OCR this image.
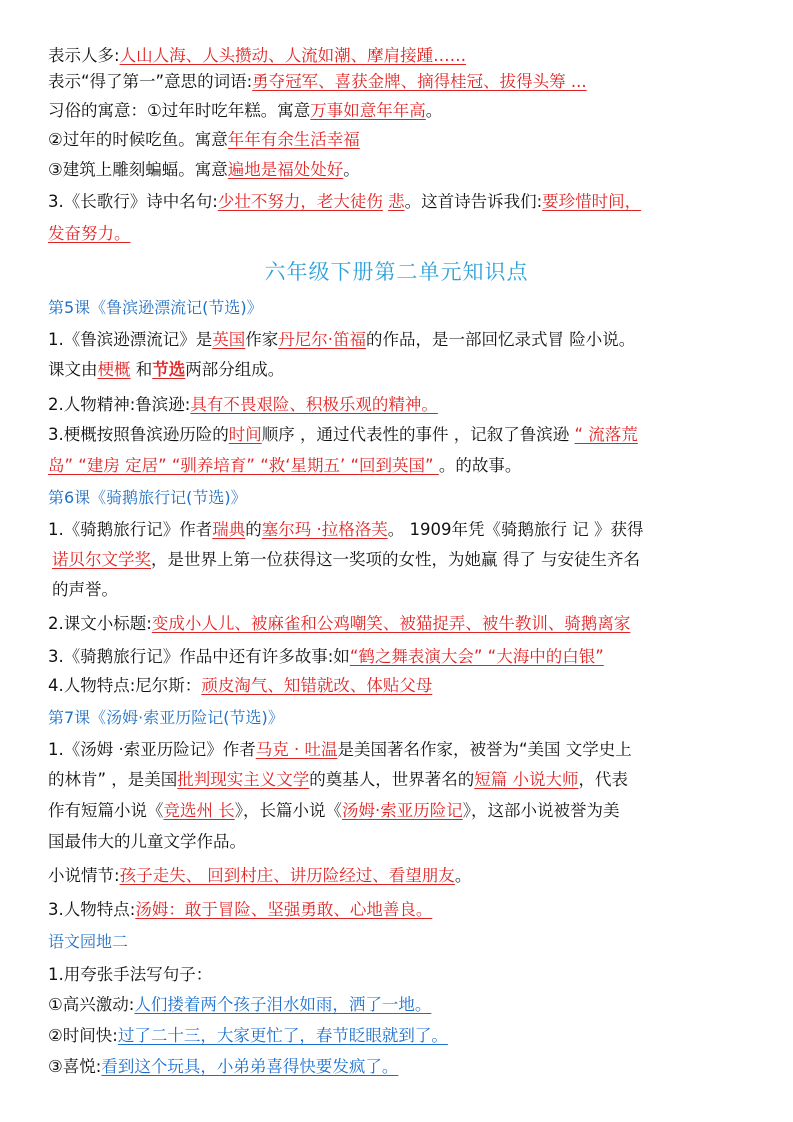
表示人多:人山人海、人头攒动、人流如潮、摩肩接踵……
表示“得了第一”意思的词语:勇夺冠军、喜获金牌、摘得桂冠、拔得头筹 ...
习俗的寓意：①过年时吃年糕。寓意万事如意年年高。
②过年的时候吃鱼。寓意年年有余生活幸福
③建筑上雕刻蝙蝠。寓意遍地是福处处好。
3.《长歌行》诗中名句:少壮不努力，老大徒伤 悲。这首诗告诉我们:要珍惜时间，
发奋努力。
六年级下册第二单元知识点
第5课《鲁滨逊漂流记(节选)》
1.《鲁滨逊漂流记》是英国作家丹尼尔·笛福的作品，是一部回忆录式冒 险小说。
课文由梗概 和节选两部分组成。
2.人物精神:鲁滨逊:具有不畏艰险、积极乐观的精神。
3.梗概按照鲁滨逊历险的时间顺序 ，通过代表性的事件 ，记叙了鲁滨逊 “ 流落荒
岛” “建房 定居” “驯养培育” “救‘星期五’ “回到英国” 。的故事。
第6课《骑鹅旅行记(节选)》
1.《骑鹅旅行记》作者瑞典的塞尔玛 ·拉格洛芙。 1909年凭《骑鹅旅行 记 》获得
诺贝尔文学奖，是世界上第一位获得这一奖项的女性，为她赢 得了 与安徒生齐名
的声誉。
2.课文小标题:变成小人儿、被麻雀和公鸡嘲笑、被猫捉弄、被牛教训、骑鹅离家
3.《骑鹅旅行记》作品中还有许多故事:如“鹤之舞表演大会” “大海中的白银”
4.人物特点:尼尔斯：顽皮淘气、知错就改、体贴父母
第7课《汤姆·索亚历险记(节选)》
1.《汤姆 ·索亚历险记》作者马克 · 吐温是美国著名作家，被誉为“美国 文学史上
的林肯” ，是美国批判现实主义文学的奠基人，世界著名的短篇 小说大师，代表
作有短篇小说《竞选州 长》，长篇小说《汤姆·索亚历险记》，这部小说被誉为美
国最伟大的儿童文学作品。
小说情节:孩子走失、 回到村庄、讲历险经过、看望朋友。
3.人物特点:汤姆：敢于冒险、坚强勇敢、心地善良。
语文园地二
1.用夸张手法写句子：
①高兴激动:人们搂着两个孩子泪水如雨，洒了一地。
②时间快:过了二十三，大家更忙了，春节眨眼就到了。
③喜悦:看到这个玩具，小弟弟喜得快要发疯了。
